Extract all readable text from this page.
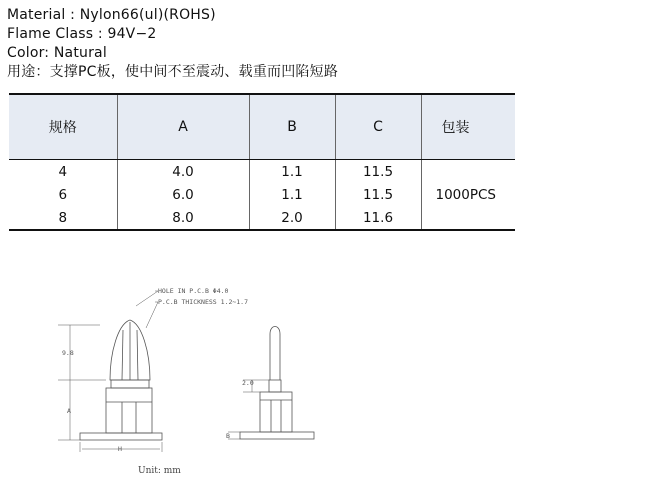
Material : Nylon66(ul)(ROHS)
Flame Class : 94V−2
Color: Natural
用途：支撑PC板，使中间不至震动、载重而凹陷短路
规格	A	B	C	包装
4	4.0	1.1	11.5	1000PCS
6	6.0	1.1	11.5	
8	8.0	2.0	11.6	
HOLE IN P.C.B Φ4.0
P.C.B THICKNESS 1.2∼1.7
9.8
A
H
2.0
B
Unit: mm
